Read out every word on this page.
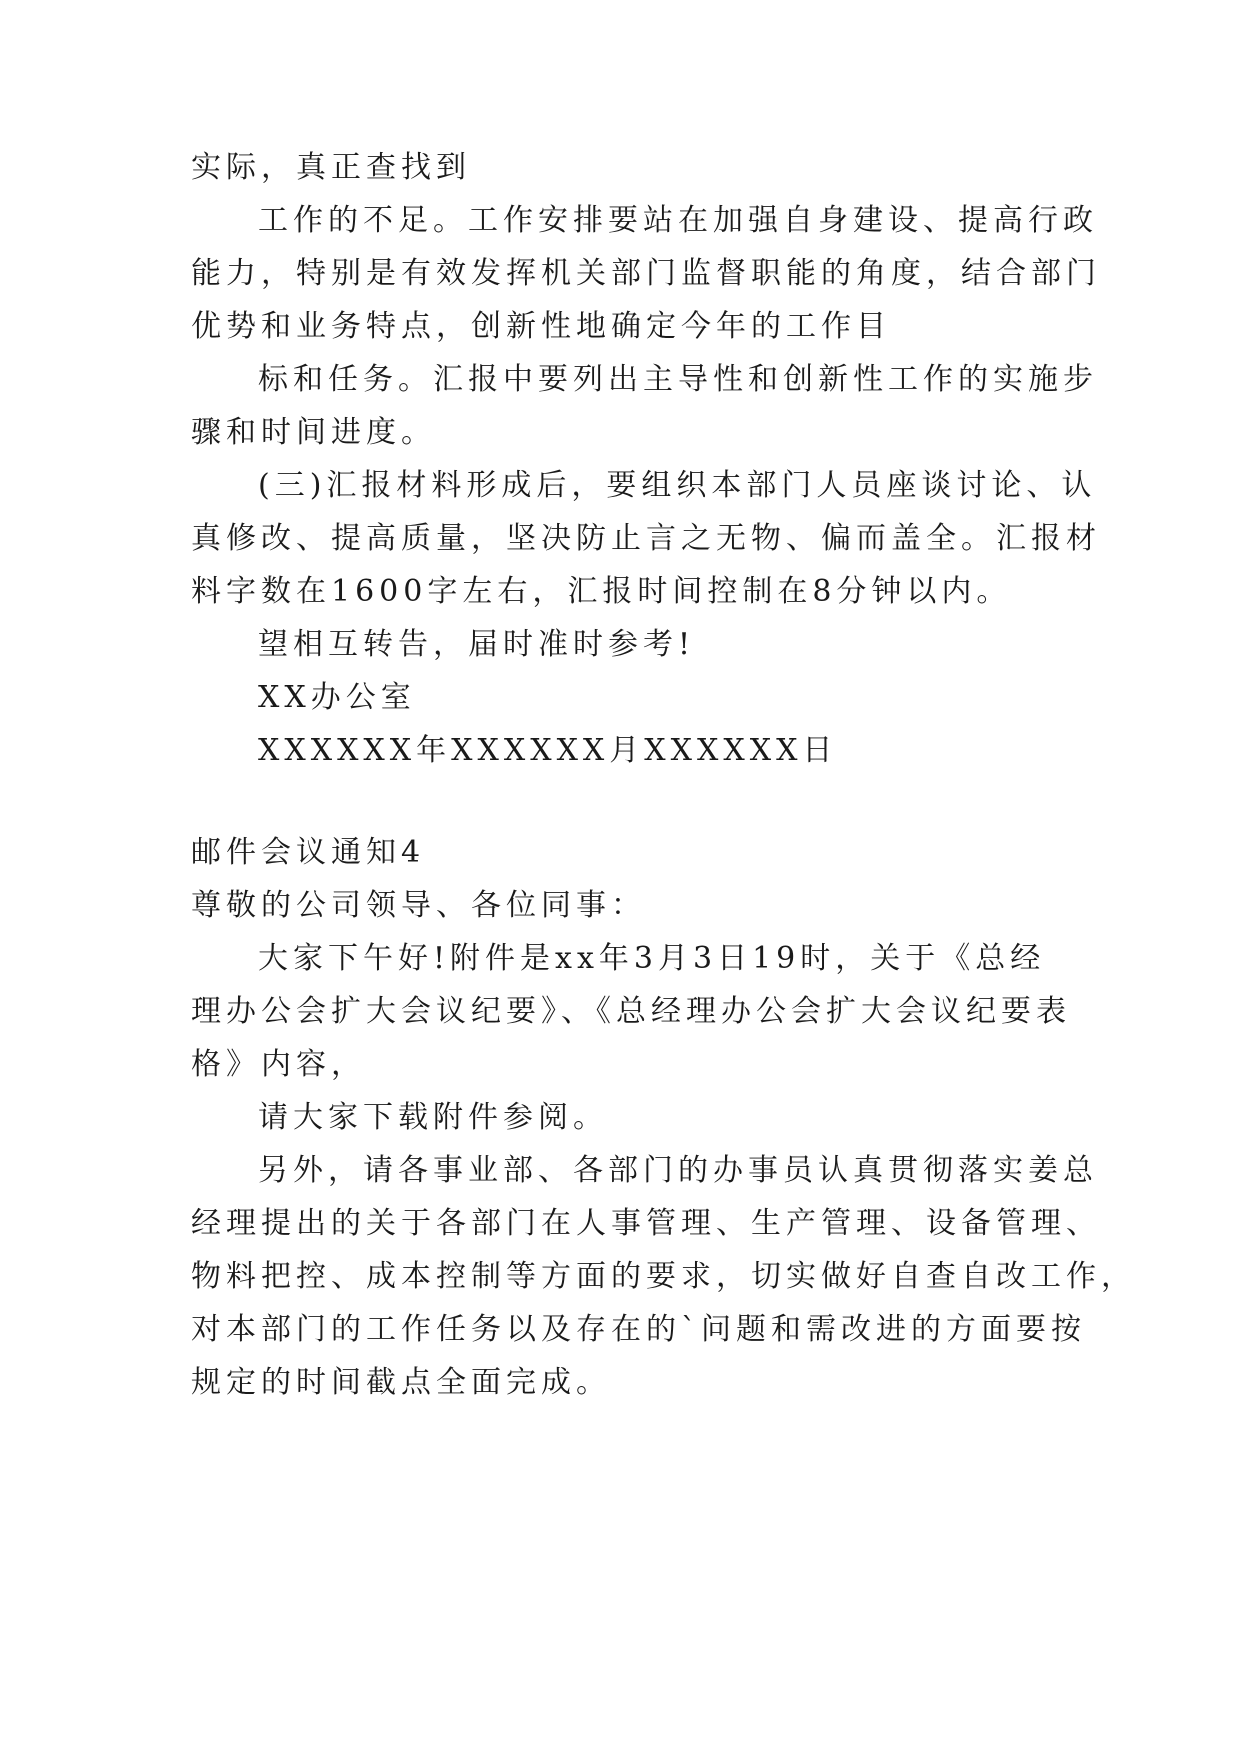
实际，真正查找到
工作的不足。工作安排要站在加强自身建设、提高行政
能力，特别是有效发挥机关部门监督职能的角度，结合部门
优势和业务特点，创新性地确定今年的工作目
标和任务。汇报中要列出主导性和创新性工作的实施步
骤和时间进度。
(三)汇报材料形成后，要组织本部门人员座谈讨论、认
真修改、提高质量，坚决防止言之无物、偏而盖全。汇报材
料字数在1600字左右，汇报时间控制在8分钟以内。
望相互转告，届时准时参考!
XX办公室
XXXXXX年XXXXXX月XXXXXX日
邮件会议通知4
尊敬的公司领导、各位同事：
大家下午好!附件是xx年3月3日19时，关于《总经
理办公会扩大会议纪要》、《总经理办公会扩大会议纪要表
格》内容，
请大家下载附件参阅。
另外，请各事业部、各部门的办事员认真贯彻落实姜总
经理提出的关于各部门在人事管理、生产管理、设备管理、
物料把控、成本控制等方面的要求，切实做好自查自改工作，
对本部门的工作任务以及存在的`问题和需改进的方面要按
规定的时间截点全面完成。
